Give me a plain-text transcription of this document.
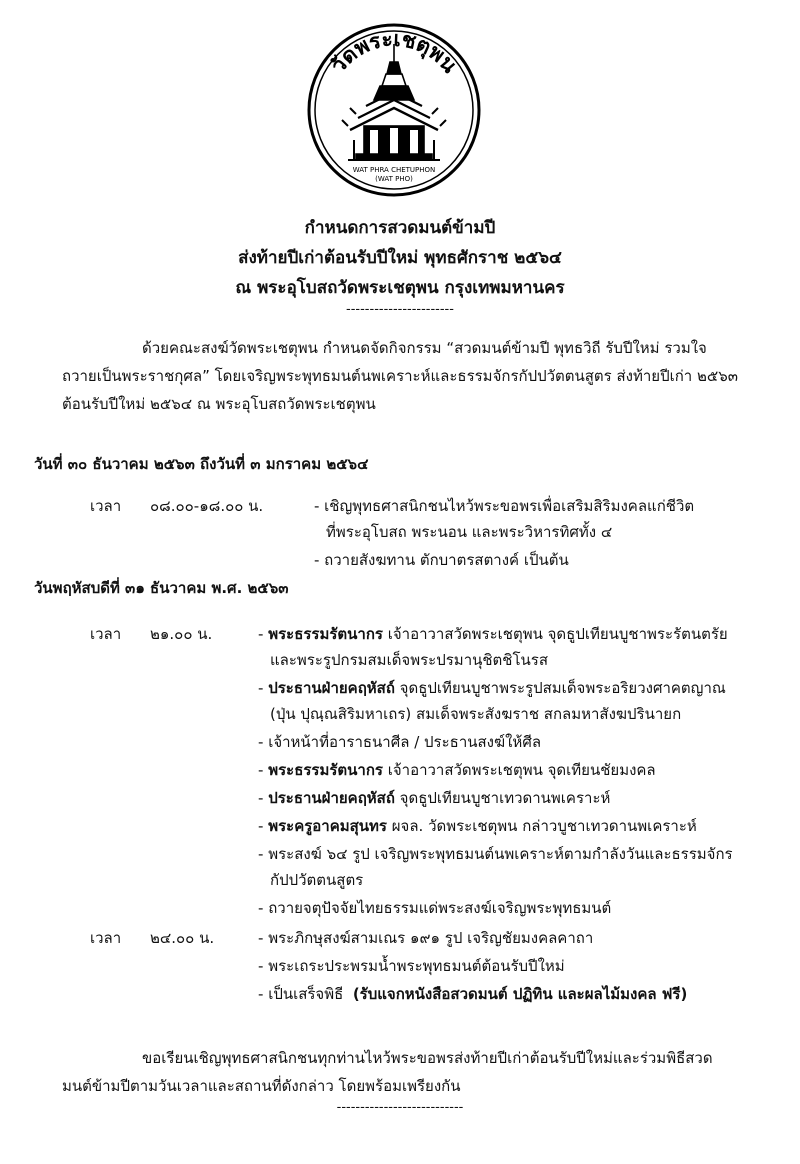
วัดพระเชตุพน
WAT PHRA CHETUPHON
(WAT PHO)
กำหนดการสวดมนต์ข้ามปี
ส่งท้ายปีเก่าต้อนรับปีใหม่ พุทธศักราช ๒๕๖๔
ณ พระอุโบสถวัดพระเชตุพน กรุงเทพมหานคร
-----------------------
ด้วยคณะสงฆ์วัดพระเชตุพน กำหนดจัดกิจกรรม “สวดมนต์ข้ามปี พุทธวิถี รับปีใหม่ รวมใจ
ถวายเป็นพระราชกุศล” โดยเจริญพระพุทธมนต์นพเคราะห์และธรรมจักรกัปปวัตตนสูตร ส่งท้ายปีเก่า ๒๕๖๓
ต้อนรับปีใหม่ ๒๕๖๔ ณ พระอุโบสถวัดพระเชตุพน
วันที่ ๓๐ ธันวาคม ๒๕๖๓ ถึงวันที่ ๓ มกราคม ๒๕๖๔
เวลา ๐๘.๐๐-๑๘.๐๐ น.	- เชิญพุทธศาสนิกชนไหว้พระขอพรเพื่อเสริมสิริมงคลแก่ชีวิต
ที่พระอุโบสถ พระนอน และพระวิหารทิศทั้ง ๔
- ถวายสังฆทาน ตักบาตรสตางค์ เป็นต้น
วันพฤหัสบดีที่ ๓๑ ธันวาคม พ.ศ. ๒๕๖๓
เวลา ๒๑.๐๐ น.	- พระธรรมรัตนากร เจ้าอาวาสวัดพระเชตุพน จุดธูปเทียนบูชาพระรัตนตรัย
และพระรูปกรมสมเด็จพระปรมานุชิตชิโนรส
- ประธานฝ่ายคฤหัสถ์ จุดธูปเทียนบูชาพระรูปสมเด็จพระอริยวงศาคตญาณ
(ปุ่น ปุณฺณสิริมหาเถร) สมเด็จพระสังฆราช สกลมหาสังฆปรินายก
- เจ้าหน้าที่อาราธนาศีล / ประธานสงฆ์ให้ศีล
- พระธรรมรัตนากร เจ้าอาวาสวัดพระเชตุพน จุดเทียนชัยมงคล
- ประธานฝ่ายคฤหัสถ์ จุดธูปเทียนบูชาเทวดานพเคราะห์
- พระครูอาคมสุนทร ผจล. วัดพระเชตุพน กล่าวบูชาเทวดานพเคราะห์
- พระสงฆ์ ๖๔ รูป เจริญพระพุทธมนต์นพเคราะห์ตามกำลังวันและธรรมจักร
กัปปวัตตนสูตร
- ถวายจตุปัจจัยไทยธรรมแด่พระสงฆ์เจริญพระพุทธมนต์
เวลา ๒๔.๐๐ น.	- พระภิกษุสงฆ์สามเณร ๑๙๑ รูป เจริญชัยมงคลคาถา
- พระเถระประพรมน้ำพระพุทธมนต์ต้อนรับปีใหม่
- เป็นเสร็จพิธี (รับแจกหนังสือสวดมนต์ ปฏิทิน และผลไม้มงคล ฟรี)
ขอเรียนเชิญพุทธศาสนิกชนทุกท่านไหว้พระขอพรส่งท้ายปีเก่าต้อนรับปีใหม่และร่วมพิธีสวด
มนต์ข้ามปีตามวันเวลาและสถานที่ดังกล่าว โดยพร้อมเพรียงกัน
---------------------------
